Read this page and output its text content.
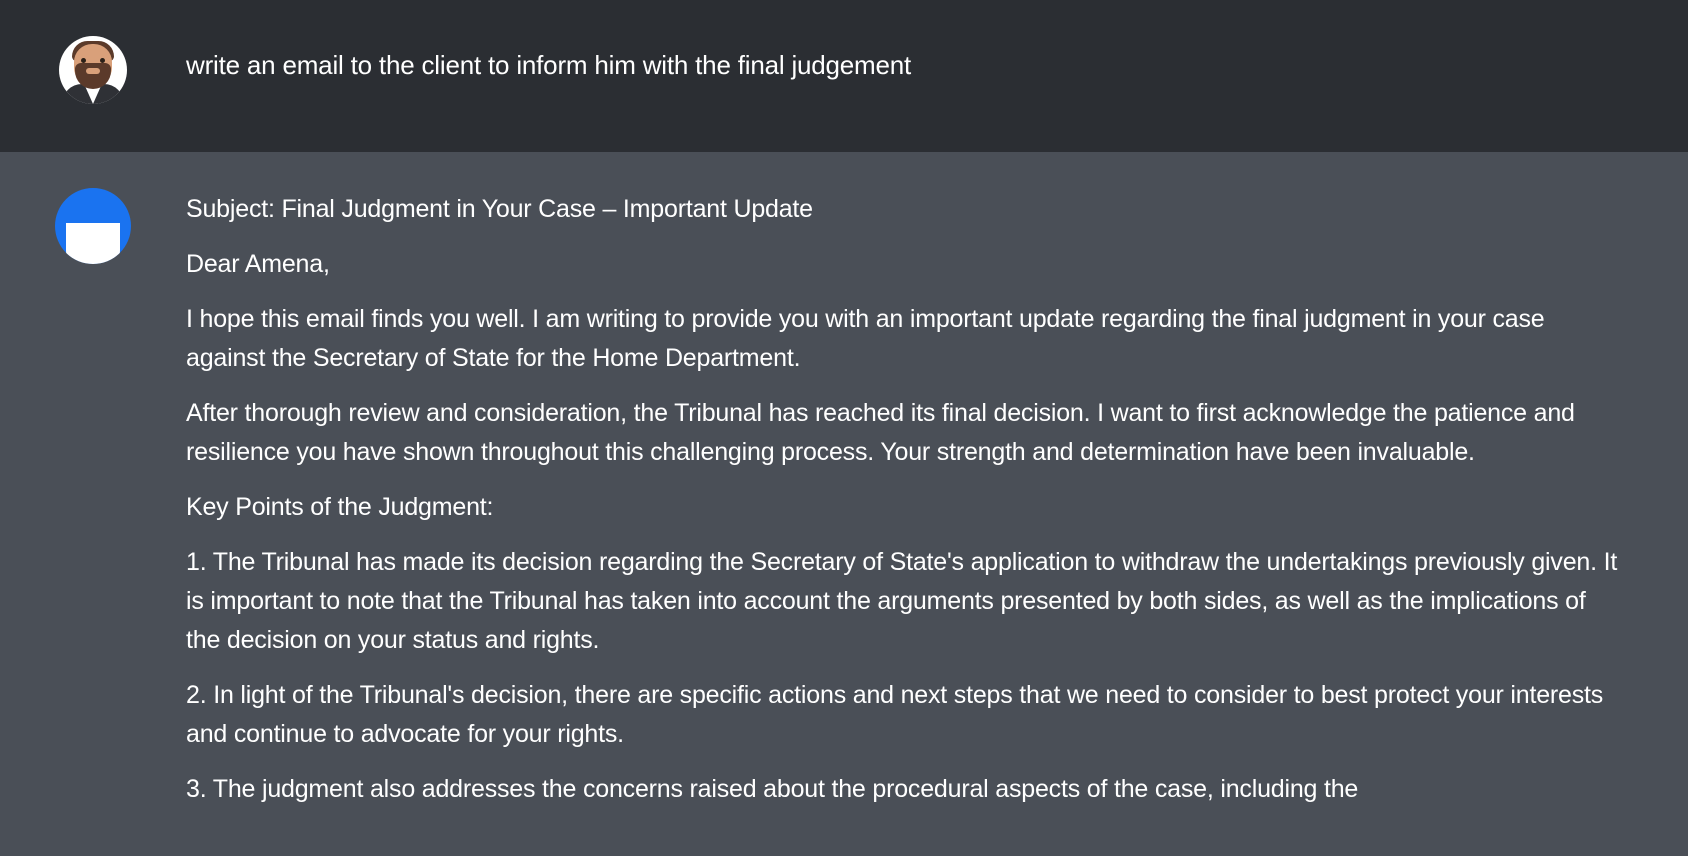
write an email to the client to inform him with the final judgement

Subject: Final Judgment in Your Case – Important Update

Dear Amena,

I hope this email finds you well. I am writing to provide you with an important update regarding the final judgment in your case against the Secretary of State for the Home Department.

After thorough review and consideration, the Tribunal has reached its final decision. I want to first acknowledge the patience and resilience you have shown throughout this challenging process. Your strength and determination have been invaluable.

Key Points of the Judgment:

1. The Tribunal has made its decision regarding the Secretary of State's application to withdraw the undertakings previously given. It is important to note that the Tribunal has taken into account the arguments presented by both sides, as well as the implications of the decision on your status and rights.

2. In light of the Tribunal's decision, there are specific actions and next steps that we need to consider to best protect your interests and continue to advocate for your rights.

3. The judgment also addresses the concerns raised about the procedural aspects of the case, including the
